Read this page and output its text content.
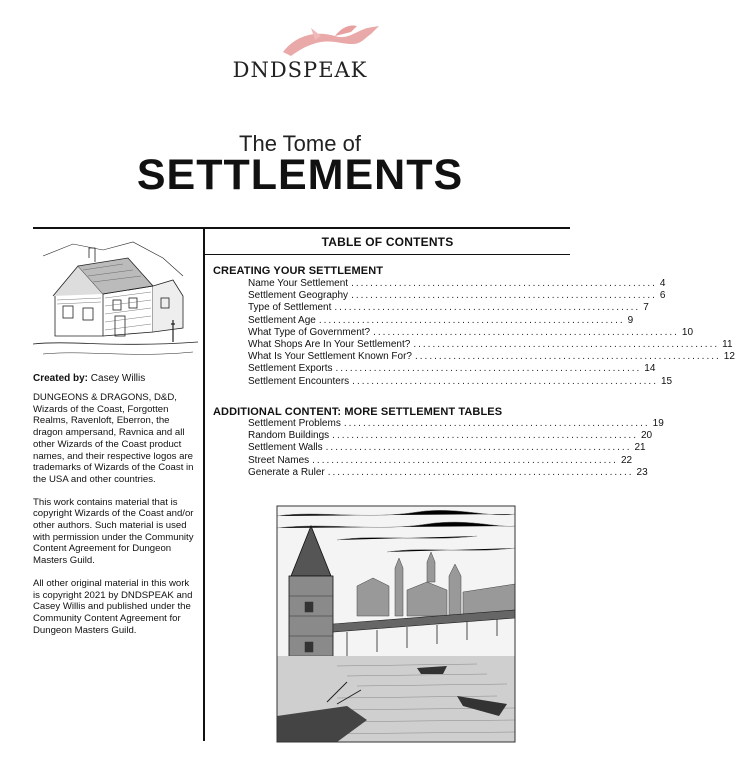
DNDSPEAK
The Tome of
SETTLEMENTS
Created by: Casey Willis

DUNGEONS & DRAGONS, D&D, Wizards of the Coast, Forgotten Realms, Ravenloft, Eberron, the dragon ampersand, Ravnica and all other Wizards of the Coast product names, and their respective logos are trademarks of Wizards of the Coast in the USA and other countries.

This work contains material that is copyright Wizards of the Coast and/or other authors. Such material is used with permission under the Community Content Agreement for Dungeon Masters Guild.

All other original material in this work is copyright 2021 by DNDSPEAK and Casey Willis and published under the Community Content Agreement for Dungeon Masters Guild.

TABLE OF CONTENTS
CREATING YOUR SETTLEMENT
Name Your Settlement ................................................................ 4
Settlement Geography ................................................................ 6
Type of Settlement ................................................................ 7
Settlement Age ................................................................ 9
What Type of Government? ................................................................ 10
What Shops Are In Your Settlement? ................................................................ 11
What Is Your Settlement Known For? ................................................................ 12
Settlement Exports ................................................................ 14
Settlement Encounters ................................................................ 15
ADDITIONAL CONTENT: MORE SETTLEMENT TABLES
Settlement Problems ................................................................ 19
Random Buildings ................................................................ 20
Settlement Walls ................................................................ 21
Street Names ................................................................ 22
Generate a Ruler ................................................................ 23
